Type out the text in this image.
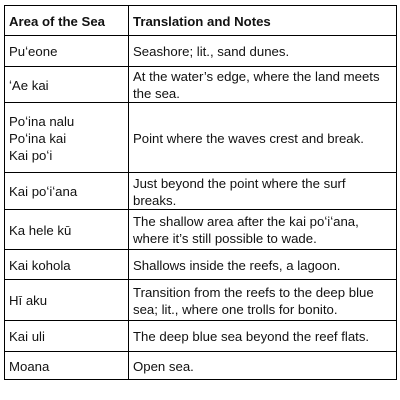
Area of the Sea	Translation and Notes
Puʻeone	Seashore; lit., sand dunes.
ʻAe kai	At the water’s edge, where the land meets
the sea.
Poʻina nalu
Poʻina kai
Kai poʻi	Point where the waves crest and break.
Kai poʻiʻana	Just beyond the point where the surf
breaks.
Ka hele kū	The shallow area after the kai poʻiʻana,
where it’s still possible to wade.
Kai kohola	Shallows inside the reefs, a lagoon.
Hī aku	Transition from the reefs to the deep blue
sea; lit., where one trolls for bonito.
Kai uli	The deep blue sea beyond the reef flats.
Moana	Open sea.
